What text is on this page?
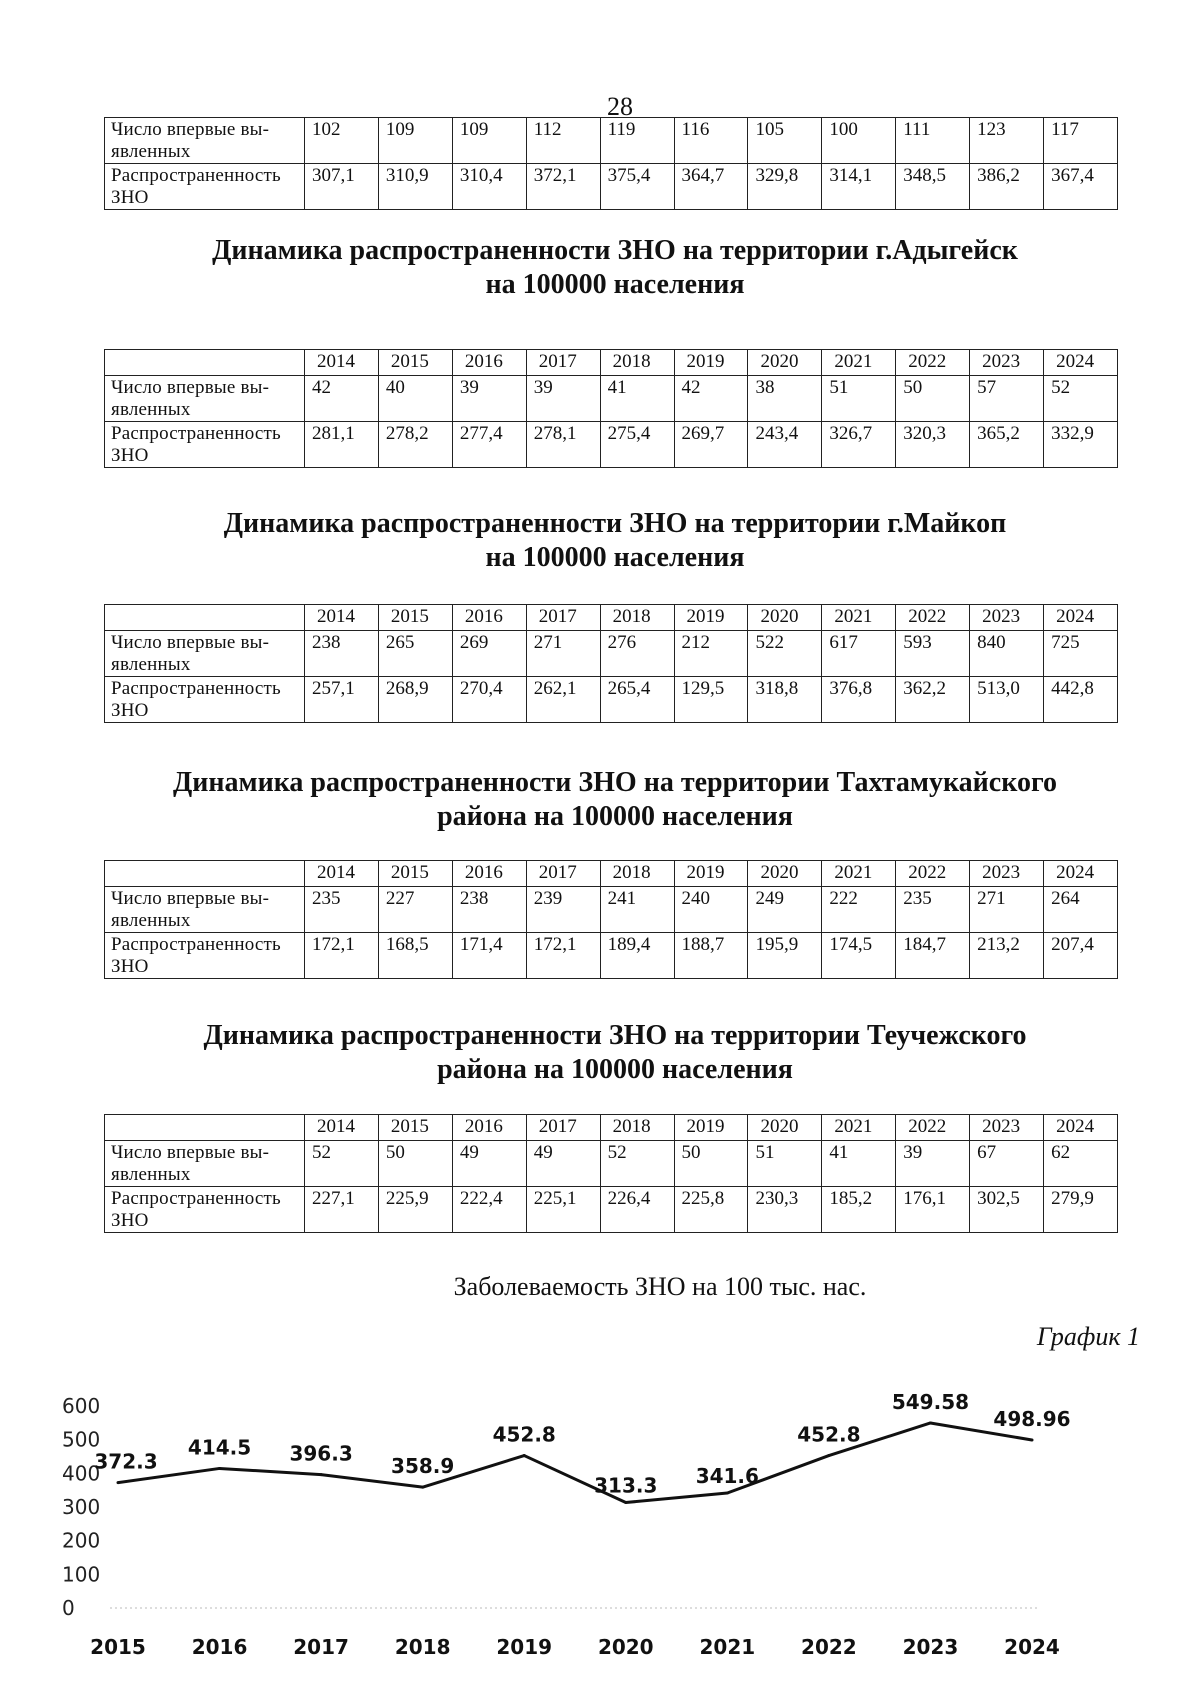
28
Число впервые выявленных	102	109	109	112	119	116	105	100	111	123	117
Распространенность ЗНО	307,1	310,9	310,4	372,1	375,4	364,7	329,8	314,1	348,5	386,2	367,4
Динамика распространенности ЗНО на территории г.Адыгейск
на 100000 населения
	2014	2015	2016	2017	2018	2019	2020	2021	2022	2023	2024
Число впервые выявленных	42	40	39	39	41	42	38	51	50	57	52
Распространенность ЗНО	281,1	278,2	277,4	278,1	275,4	269,7	243,4	326,7	320,3	365,2	332,9
Динамика распространенности ЗНО на территории г.Майкоп
на 100000 населения
	2014	2015	2016	2017	2018	2019	2020	2021	2022	2023	2024
Число впервые выявленных	238	265	269	271	276	212	522	617	593	840	725
Распространенность ЗНО	257,1	268,9	270,4	262,1	265,4	129,5	318,8	376,8	362,2	513,0	442,8
Динамика распространенности ЗНО на территории Тахтамукайского
района на 100000 населения
	2014	2015	2016	2017	2018	2019	2020	2021	2022	2023	2024
Число впервые выявленных	235	227	238	239	241	240	249	222	235	271	264
Распространенность ЗНО	172,1	168,5	171,4	172,1	189,4	188,7	195,9	174,5	184,7	213,2	207,4
Динамика распространенности ЗНО на территории Теучежского
района на 100000 населения
	2014	2015	2016	2017	2018	2019	2020	2021	2022	2023	2024
Число впервые выявленных	52	50	49	49	52	50	51	41	39	67	62
Распространенность ЗНО	227,1	225,9	222,4	225,1	226,4	225,8	230,3	185,2	176,1	302,5	279,9
Заболеваемость ЗНО на 100 тыс. нас.
График 1
0
100
200
300
400
500
600
372.3
2015
414.5
2016
396.3
2017
358.9
2018
452.8
2019
313.3
2020
341.6
2021
452.8
2022
549.58
2023
498.96
2024
